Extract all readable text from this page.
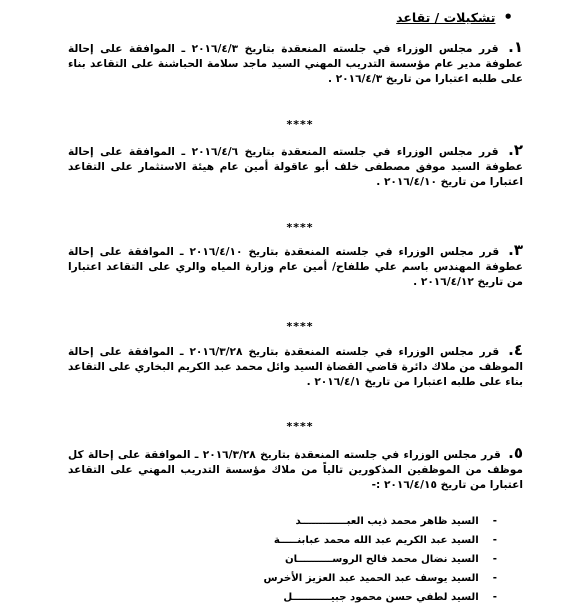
•
تشكيلات / تقاعد
١. قرر مجلس الوزراء في جلسته المنعقدة بتاريخ ٢٠١٦/٤/٣ ـ الموافقة على إحالة عطوفة مدير عام مؤسسة التدريب المهني السيد ماجد سلامة الحباشنة على التقاعد بناء على طلبه اعتبارا من تاريخ ٢٠١٦/٤/٣ .
****
٢. قرر مجلس الوزراء في جلسته المنعقدة بتاريخ ٢٠١٦/٤/٦ ـ الموافقة على إحالة عطوفة السيد موفق مصطفى خلف أبو عاقولة أمين عام هيئة الاستثمار على التقاعد اعتبارا من تاريخ ٢٠١٦/٤/١٠ .
****
٣. قرر مجلس الوزراء في جلسته المنعقدة بتاريخ ٢٠١٦/٤/١٠ ـ الموافقة على إحالة عطوفة المهندس باسم علي طلفاح/ أمين عام وزارة المياه والري على التقاعد اعتبارا من تاريخ ٢٠١٦/٤/١٢ .
****
٤. قرر مجلس الوزراء في جلسته المنعقدة بتاريخ ٢٠١٦/٣/٢٨ ـ الموافقة على إحالة الموظف من ملاك دائرة قاضي القضاة السيد وائل محمد عبد الكريم البخاري على التقاعد بناء على طلبه اعتبارا من تاريخ ٢٠١٦/٤/١ .
****
٥. قرر مجلس الوزراء في جلسته المنعقدة بتاريخ ٢٠١٦/٣/٢٨ ـ الموافقة على إحالة كل موظف من الموظفين المذكورين تالياً من ملاك مؤسسة التدريب المهني على التقاعد اعتبارا من تاريخ ٢٠١٦/٤/١٥ :-
-
السيد ظاهر محمد ذيب العبـــــــــــــد
-
السيد عبد الكريم عبد الله محمد عبابنـــــة
-
السيد نضال محمد فالح الروســــــــــان
-
السيد يوسف عبد الحميد عبد العزيز الأخرس
-
السيد لطفي حسن محمود جبيـــــــــــل
